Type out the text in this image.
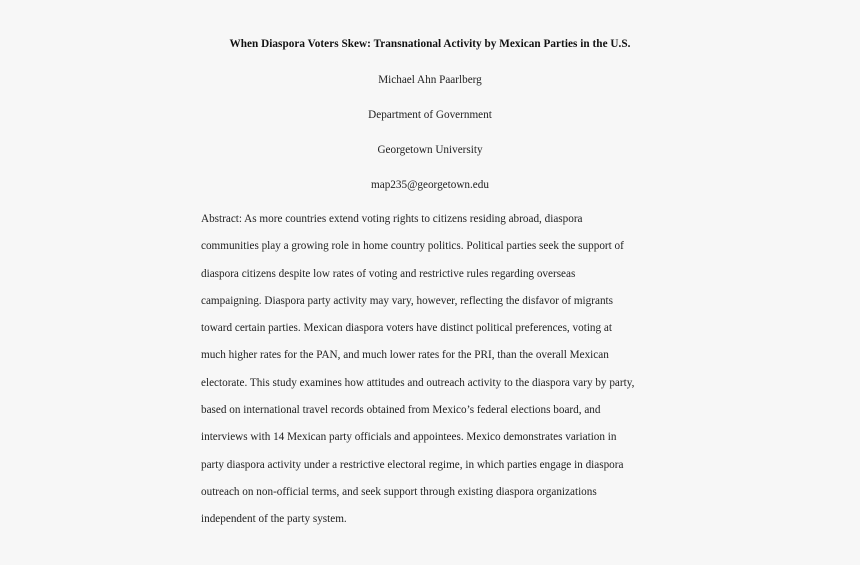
When Diaspora Voters Skew: Transnational Activity by Mexican Parties in the U.S.
Michael Ahn Paarlberg
Department of Government
Georgetown University
map235@georgetown.edu
Abstract: As more countries extend voting rights to citizens residing abroad, diaspora
communities play a growing role in home country politics. Political parties seek the support of
diaspora citizens despite low rates of voting and restrictive rules regarding overseas
campaigning. Diaspora party activity may vary, however, reflecting the disfavor of migrants
toward certain parties. Mexican diaspora voters have distinct political preferences, voting at
much higher rates for the PAN, and much lower rates for the PRI, than the overall Mexican
electorate. This study examines how attitudes and outreach activity to the diaspora vary by party,
based on international travel records obtained from Mexico’s federal elections board, and
interviews with 14 Mexican party officials and appointees. Mexico demonstrates variation in
party diaspora activity under a restrictive electoral regime, in which parties engage in diaspora
outreach on non-official terms, and seek support through existing diaspora organizations
independent of the party system.
